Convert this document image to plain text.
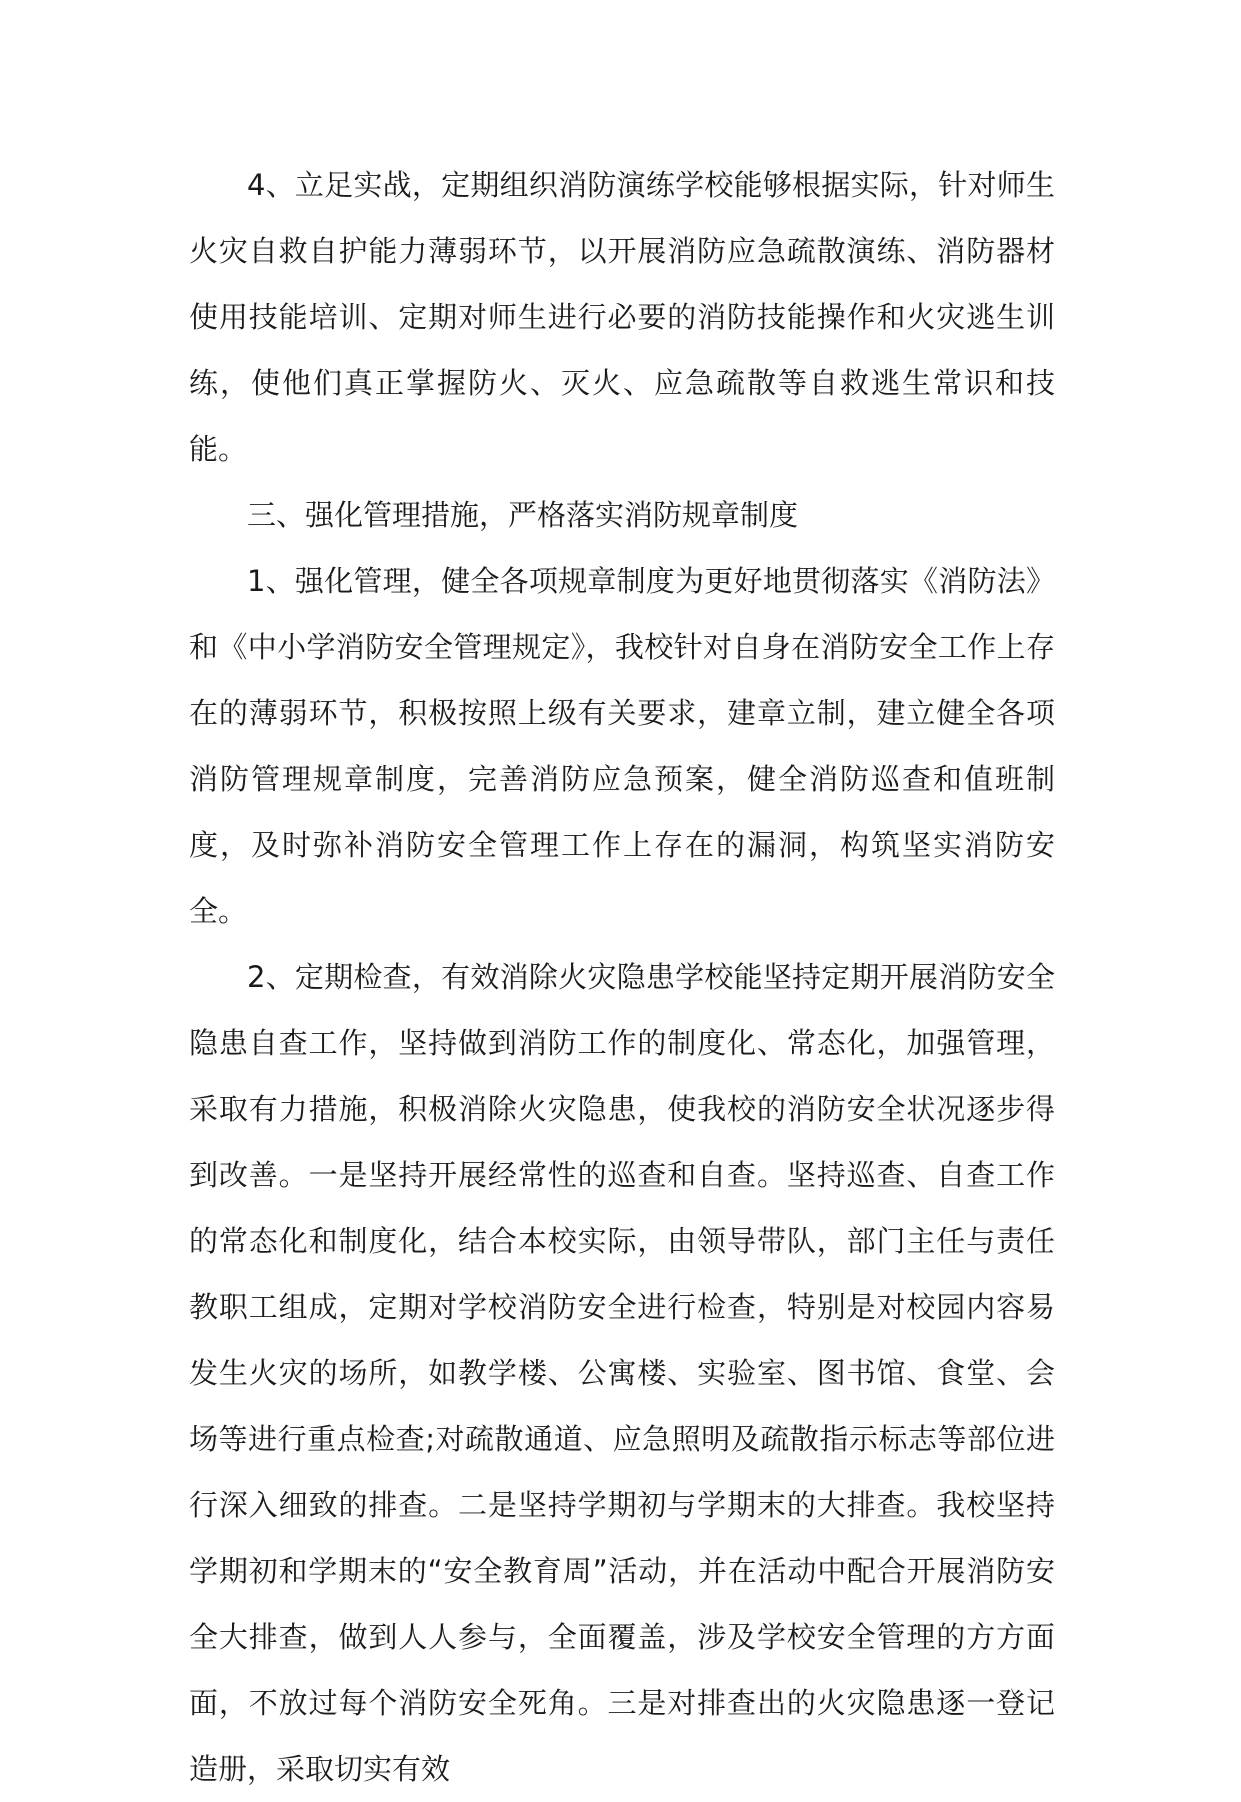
4、立足实战，定期组织消防演练学校能够根据实际，针对师生火灾自救自护能力薄弱环节，以开展消防应急疏散演练、消防器材使用技能培训、定期对师生进行必要的消防技能操作和火灾逃生训练，使他们真正掌握防火、灭火、应急疏散等自救逃生常识和技能。

三、强化管理措施，严格落实消防规章制度

1、强化管理，健全各项规章制度为更好地贯彻落实《消防法》和《中小学消防安全管理规定》，我校针对自身在消防安全工作上存在的薄弱环节，积极按照上级有关要求，建章立制，建立健全各项消防管理规章制度，完善消防应急预案，健全消防巡查和值班制度，及时弥补消防安全管理工作上存在的漏洞，构筑坚实消防安全。

2、定期检查，有效消除火灾隐患学校能坚持定期开展消防安全隐患自查工作，坚持做到消防工作的制度化、常态化，加强管理，采取有力措施，积极消除火灾隐患，使我校的消防安全状况逐步得到改善。一是坚持开展经常性的巡查和自查。坚持巡查、自查工作的常态化和制度化，结合本校实际，由领导带队，部门主任与责任教职工组成，定期对学校消防安全进行检查，特别是对校园内容易发生火灾的场所，如教学楼、公寓楼、实验室、图书馆、食堂、会场等进行重点检查;对疏散通道、应急照明及疏散指示标志等部位进行深入细致的排查。二是坚持学期初与学期末的大排查。我校坚持学期初和学期末的“安全教育周”活动，并在活动中配合开展消防安全大排查，做到人人参与，全面覆盖，涉及学校安全管理的方方面面，不放过每个消防安全死角。三是对排查出的火灾隐患逐一登记造册，采取切实有效
